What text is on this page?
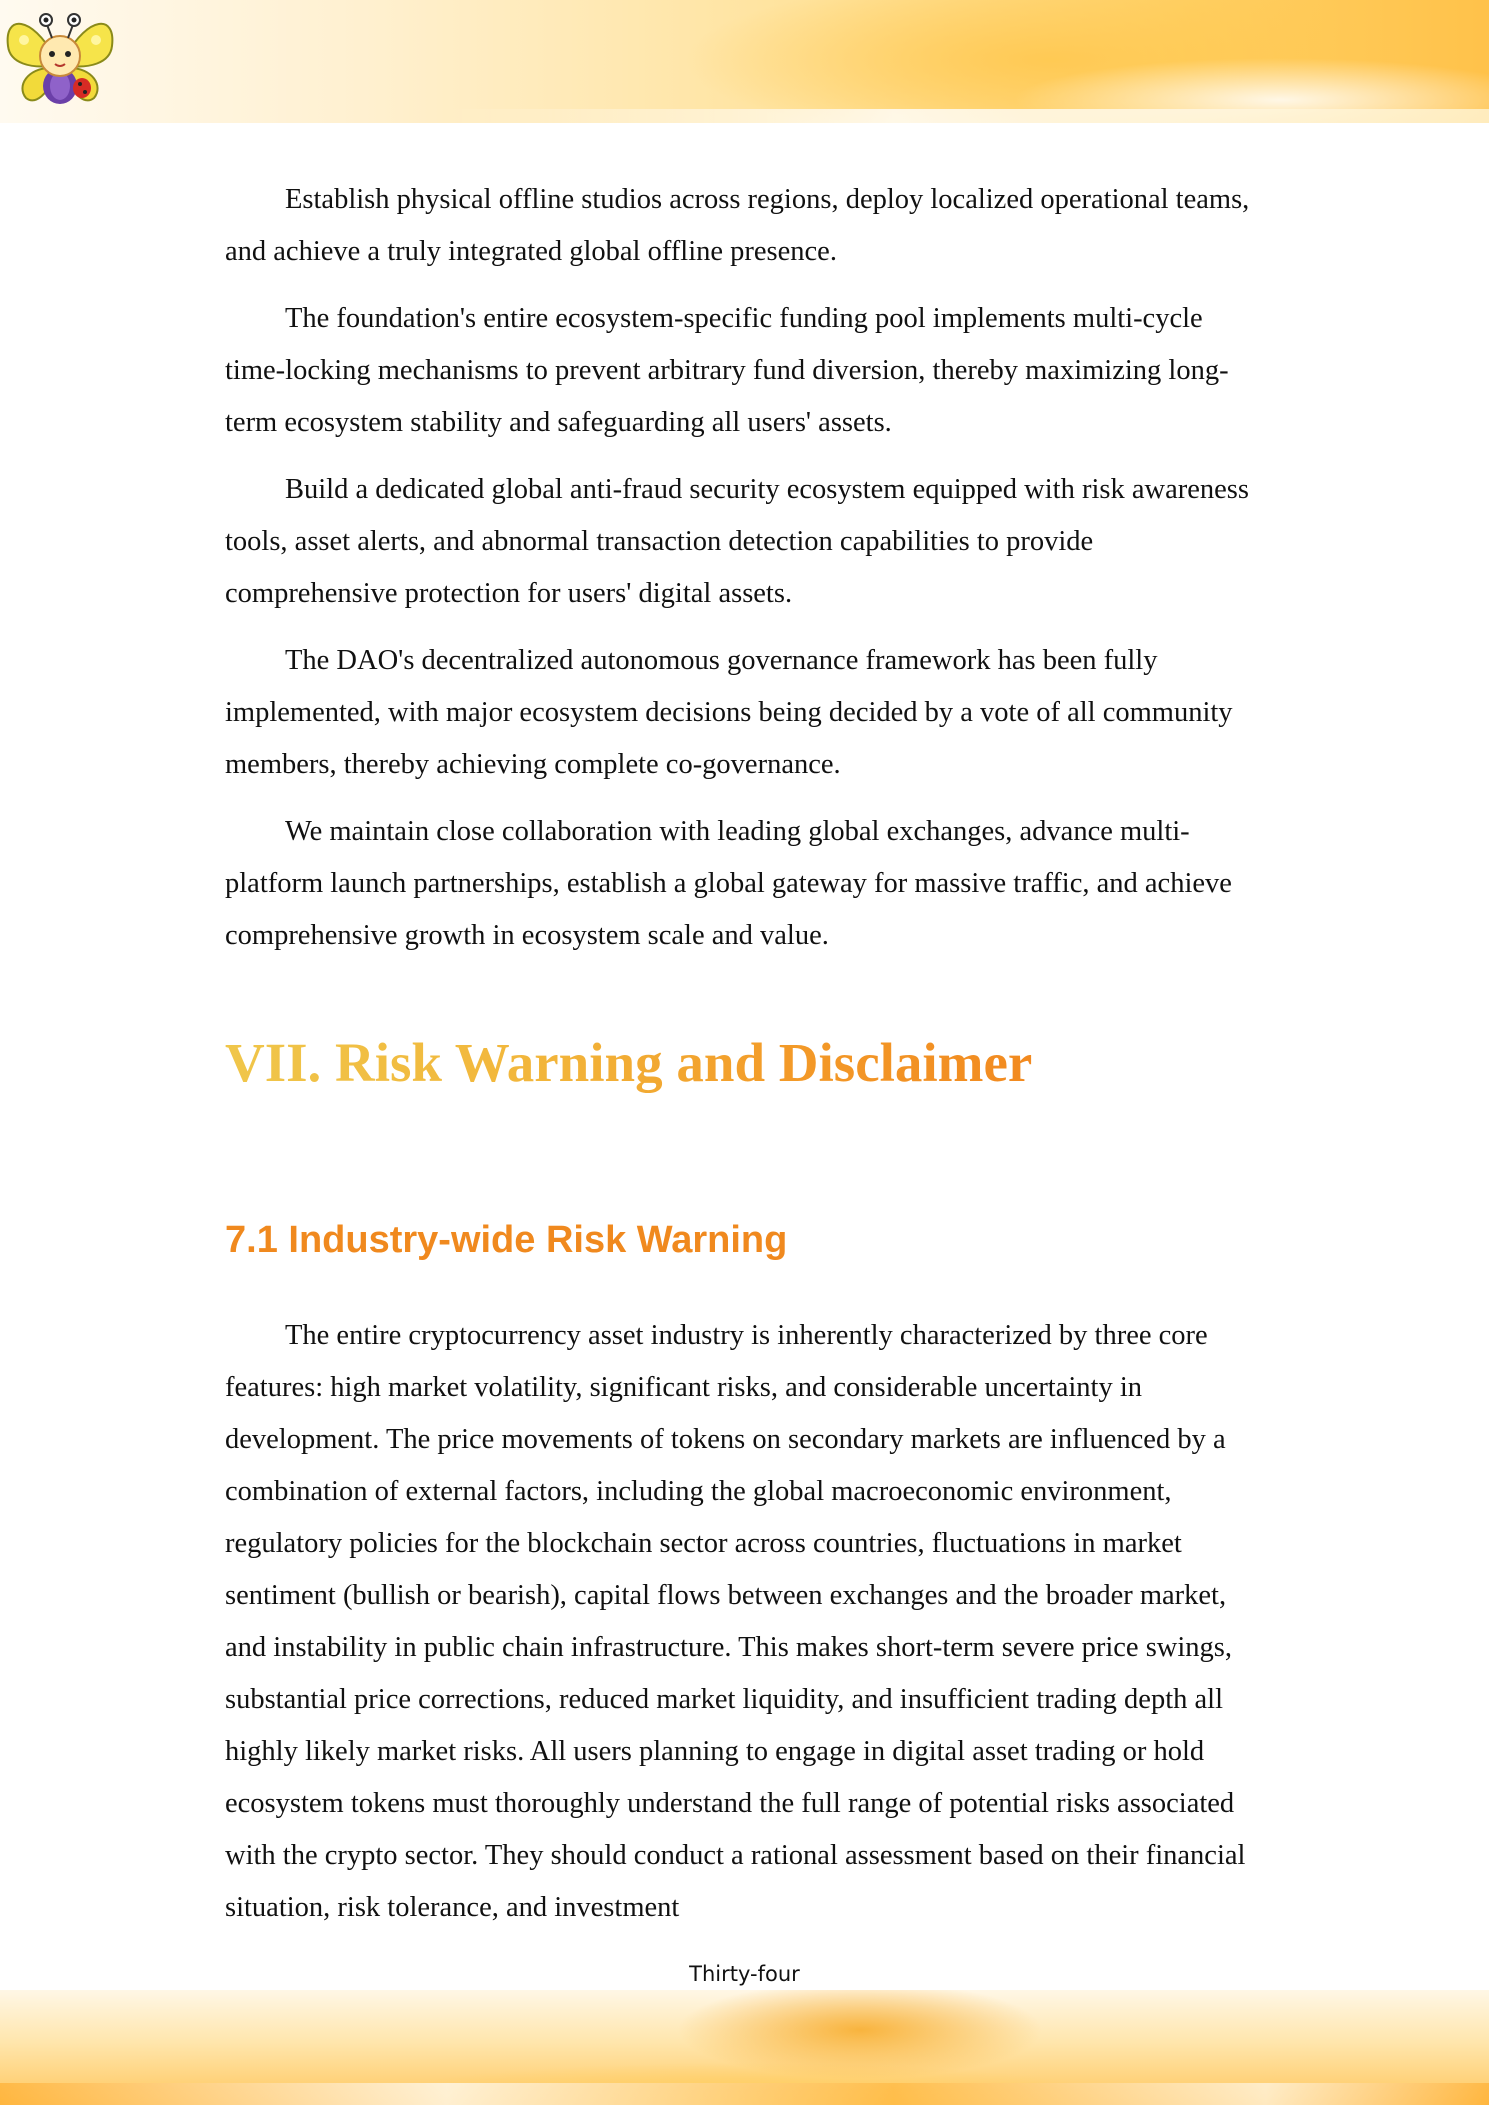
Establish physical offline studios across regions, deploy localized operational teams, and achieve a truly integrated global offline presence.

The foundation's entire ecosystem-specific funding pool implements multi-cycle time-locking mechanisms to prevent arbitrary fund diversion, thereby maximizing long-term ecosystem stability and safeguarding all users' assets.

Build a dedicated global anti-fraud security ecosystem equipped with risk awareness tools, asset alerts, and abnormal transaction detection capabilities to provide comprehensive protection for users' digital assets.

The DAO's decentralized autonomous governance framework has been fully implemented, with major ecosystem decisions being decided by a vote of all community members, thereby achieving complete co-governance.

We maintain close collaboration with leading global exchanges, advance multi-platform launch partnerships, establish a global gateway for massive traffic, and achieve comprehensive growth in ecosystem scale and value.

VII. Risk Warning and Disclaimer
7.1 Industry-wide Risk Warning

The entire cryptocurrency asset industry is inherently characterized by three core features: high market volatility, significant risks, and considerable uncertainty in development. The price movements of tokens on secondary markets are influenced by a combination of external factors, including the global macroeconomic environment, regulatory policies for the blockchain sector across countries, fluctuations in market sentiment (bullish or bearish), capital flows between exchanges and the broader market, and instability in public chain infrastructure. This makes short-term severe price swings, substantial price corrections, reduced market liquidity, and insufficient trading depth all highly likely market risks. All users planning to engage in digital asset trading or hold ecosystem tokens must thoroughly understand the full range of potential risks associated with the crypto sector. They should conduct a rational assessment based on their financial situation, risk tolerance, and investment

Thirty-four
